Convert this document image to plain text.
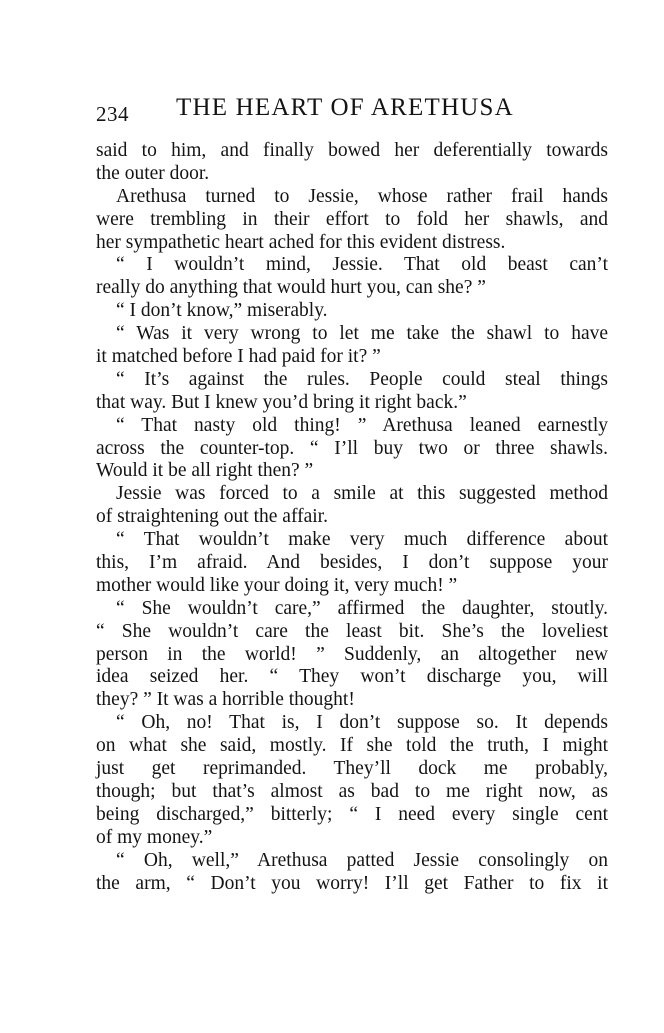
234 THE HEART OF ARETHUSA
said to him, and finally bowed her deferentially towards
the outer door.
Arethusa turned to Jessie, whose rather frail hands
were trembling in their effort to fold her shawls, and
her sympathetic heart ached for this evident distress.
“ I wouldn’t mind, Jessie. That old beast can’t
really do anything that would hurt you, can she? ”
“ I don’t know,” miserably.
“ Was it very wrong to let me take the shawl to have
it matched before I had paid for it? ”
“ It’s against the rules. People could steal things
that way. But I knew you’d bring it right back.”
“ That nasty old thing! ” Arethusa leaned earnestly
across the counter-top. “ I’ll buy two or three shawls.
Would it be all right then? ”
Jessie was forced to a smile at this suggested method
of straightening out the affair.
“ That wouldn’t make very much difference about
this, I’m afraid. And besides, I don’t suppose your
mother would like your doing it, very much! ”
“ She wouldn’t care,” affirmed the daughter, stoutly.
“ She wouldn’t care the least bit. She’s the loveliest
person in the world! ” Suddenly, an altogether new
idea seized her. “ They won’t discharge you, will
they? ” It was a horrible thought!
“ Oh, no! That is, I don’t suppose so. It depends
on what she said, mostly. If she told the truth, I might
just get reprimanded. They’ll dock me probably,
though; but that’s almost as bad to me right now, as
being discharged,” bitterly; “ I need every single cent
of my money.”
“ Oh, well,” Arethusa patted Jessie consolingly on
the arm, “ Don’t you worry! I’ll get Father to fix it
